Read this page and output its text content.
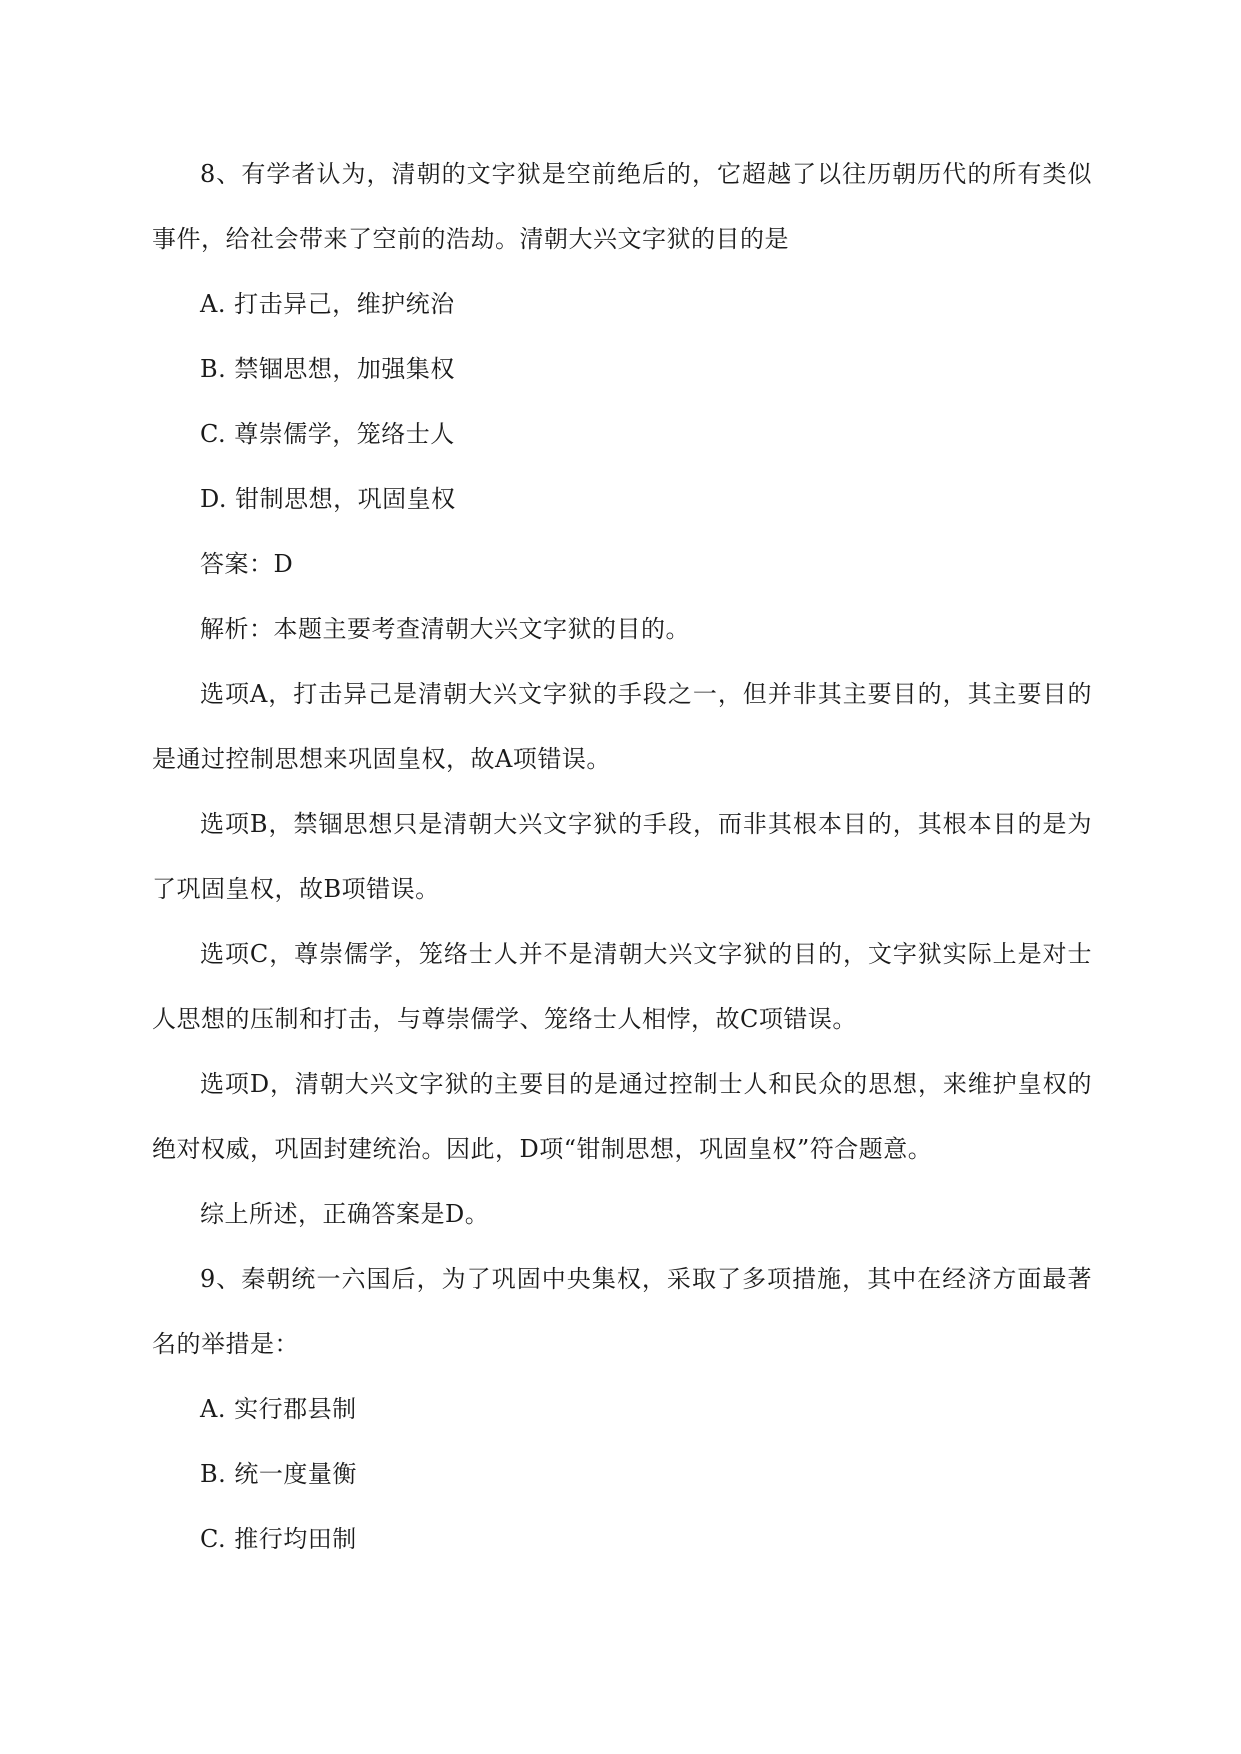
8、有学者认为，清朝的文字狱是空前绝后的，它超越了以往历朝历代的所有类似事件，给社会带来了空前的浩劫。清朝大兴文字狱的目的是

A. 打击异己，维护统治

B. 禁锢思想，加强集权

C. 尊崇儒学，笼络士人

D. 钳制思想，巩固皇权

答案：D

解析：本题主要考查清朝大兴文字狱的目的。

选项A，打击异己是清朝大兴文字狱的手段之一，但并非其主要目的，其主要目的是通过控制思想来巩固皇权，故A项错误。

选项B，禁锢思想只是清朝大兴文字狱的手段，而非其根本目的，其根本目的是为了巩固皇权，故B项错误。

选项C，尊崇儒学，笼络士人并不是清朝大兴文字狱的目的，文字狱实际上是对士人思想的压制和打击，与尊崇儒学、笼络士人相悖，故C项错误。

选项D，清朝大兴文字狱的主要目的是通过控制士人和民众的思想，来维护皇权的绝对权威，巩固封建统治。因此，D项“钳制思想，巩固皇权”符合题意。

综上所述，正确答案是D。

9、秦朝统一六国后，为了巩固中央集权，采取了多项措施，其中在经济方面最著名的举措是：

A. 实行郡县制

B. 统一度量衡

C. 推行均田制
